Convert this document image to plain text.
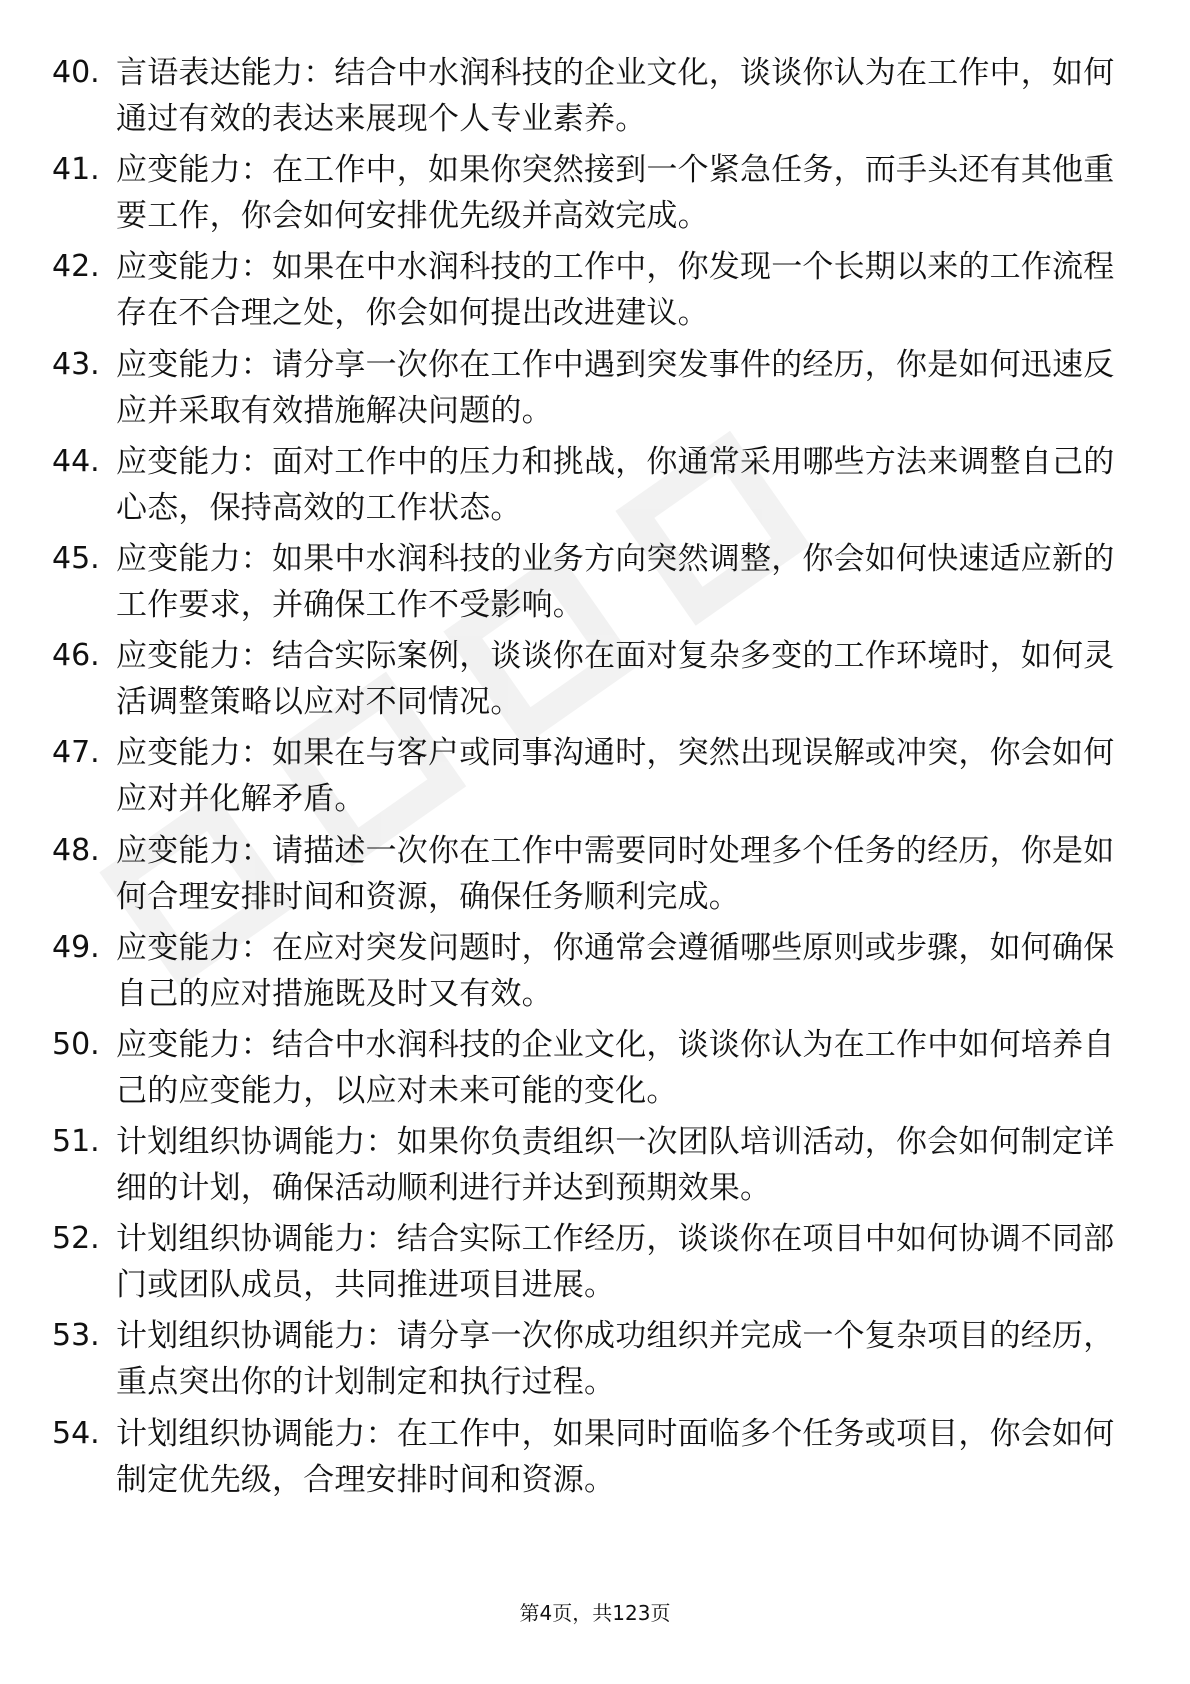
40. 言语表达能力：结合中水润科技的企业文化，谈谈你认为在工作中，如何通过有效的表达来展现个人专业素养。
41. 应变能力：在工作中，如果你突然接到一个紧急任务，而手头还有其他重要工作，你会如何安排优先级并高效完成。
42. 应变能力：如果在中水润科技的工作中，你发现一个长期以来的工作流程存在不合理之处，你会如何提出改进建议。
43. 应变能力：请分享一次你在工作中遇到突发事件的经历，你是如何迅速反应并采取有效措施解决问题的。
44. 应变能力：面对工作中的压力和挑战，你通常采用哪些方法来调整自己的心态，保持高效的工作状态。
45. 应变能力：如果中水润科技的业务方向突然调整，你会如何快速适应新的工作要求，并确保工作不受影响。
46. 应变能力：结合实际案例，谈谈你在面对复杂多变的工作环境时，如何灵活调整策略以应对不同情况。
47. 应变能力：如果在与客户或同事沟通时，突然出现误解或冲突，你会如何应对并化解矛盾。
48. 应变能力：请描述一次你在工作中需要同时处理多个任务的经历，你是如何合理安排时间和资源，确保任务顺利完成。
49. 应变能力：在应对突发问题时，你通常会遵循哪些原则或步骤，如何确保自己的应对措施既及时又有效。
50. 应变能力：结合中水润科技的企业文化，谈谈你认为在工作中如何培养自己的应变能力，以应对未来可能的变化。
51. 计划组织协调能力：如果你负责组织一次团队培训活动，你会如何制定详细的计划，确保活动顺利进行并达到预期效果。
52. 计划组织协调能力：结合实际工作经历，谈谈你在项目中如何协调不同部门或团队成员，共同推进项目进展。
53. 计划组织协调能力：请分享一次你成功组织并完成一个复杂项目的经历，重点突出你的计划制定和执行过程。
54. 计划组织协调能力：在工作中，如果同时面临多个任务或项目，你会如何制定优先级，合理安排时间和资源。
第4页，共123页
